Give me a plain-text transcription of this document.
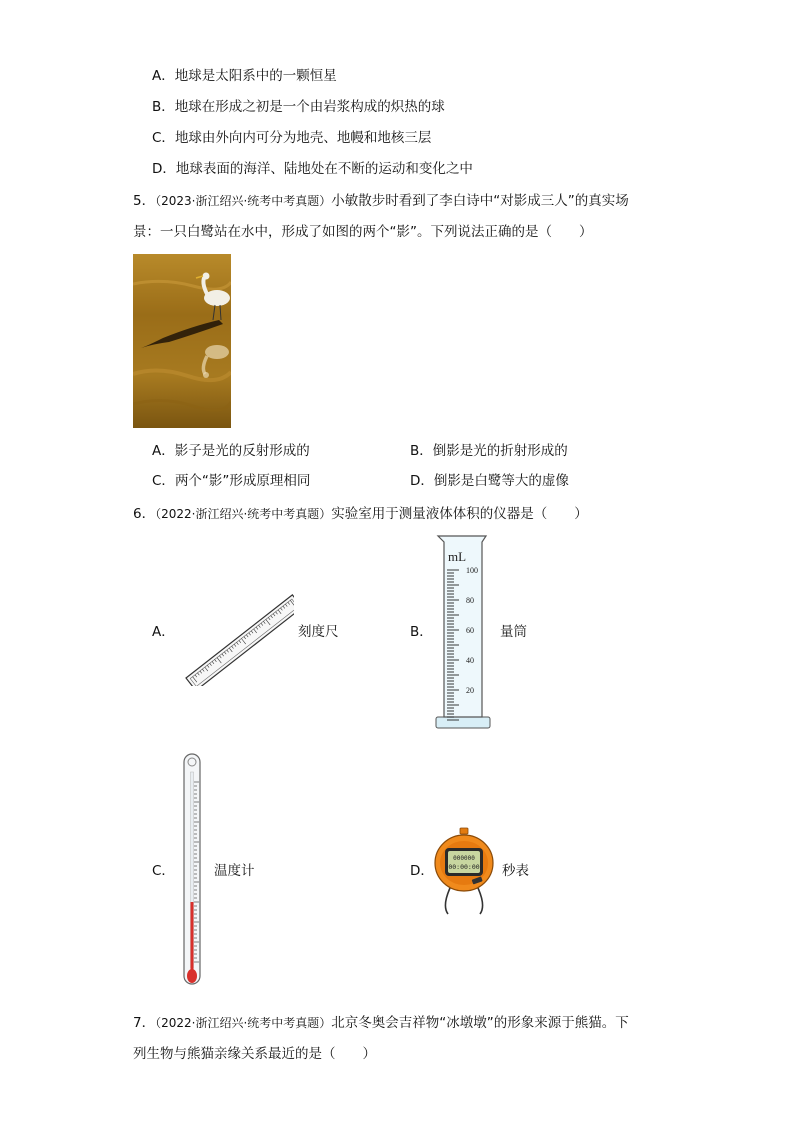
A．地球是太阳系中的一颗恒星
B．地球在形成之初是一个由岩浆构成的炽热的球
C．地球由外向内可分为地壳、地幔和地核三层
D．地球表面的海洋、陆地处在不断的运动和变化之中
5．（2023·浙江绍兴·统考中考真题）小敏散步时看到了李白诗中“对影成三人”的真实场
景：一只白鹭站在水中，形成了如图的两个“影”。下列说法正确的是（　　）
A．影子是光的反射形成的	B．倒影是光的折射形成的
C．两个“影”形成原理相同	D．倒影是白鹭等大的虚像
6．（2022·浙江绍兴·统考中考真题）实验室用于测量液体体积的仪器是（　　）
A．	刻度尺	B．
mL
100
80
60
40
20
量筒
C．	温度计	D．
000000
00:00:00 秒表
7．（2022·浙江绍兴·统考中考真题）北京冬奥会吉祥物“冰墩墩”的形象来源于熊猫。下
列生物与熊猫亲缘关系最近的是（　　）
